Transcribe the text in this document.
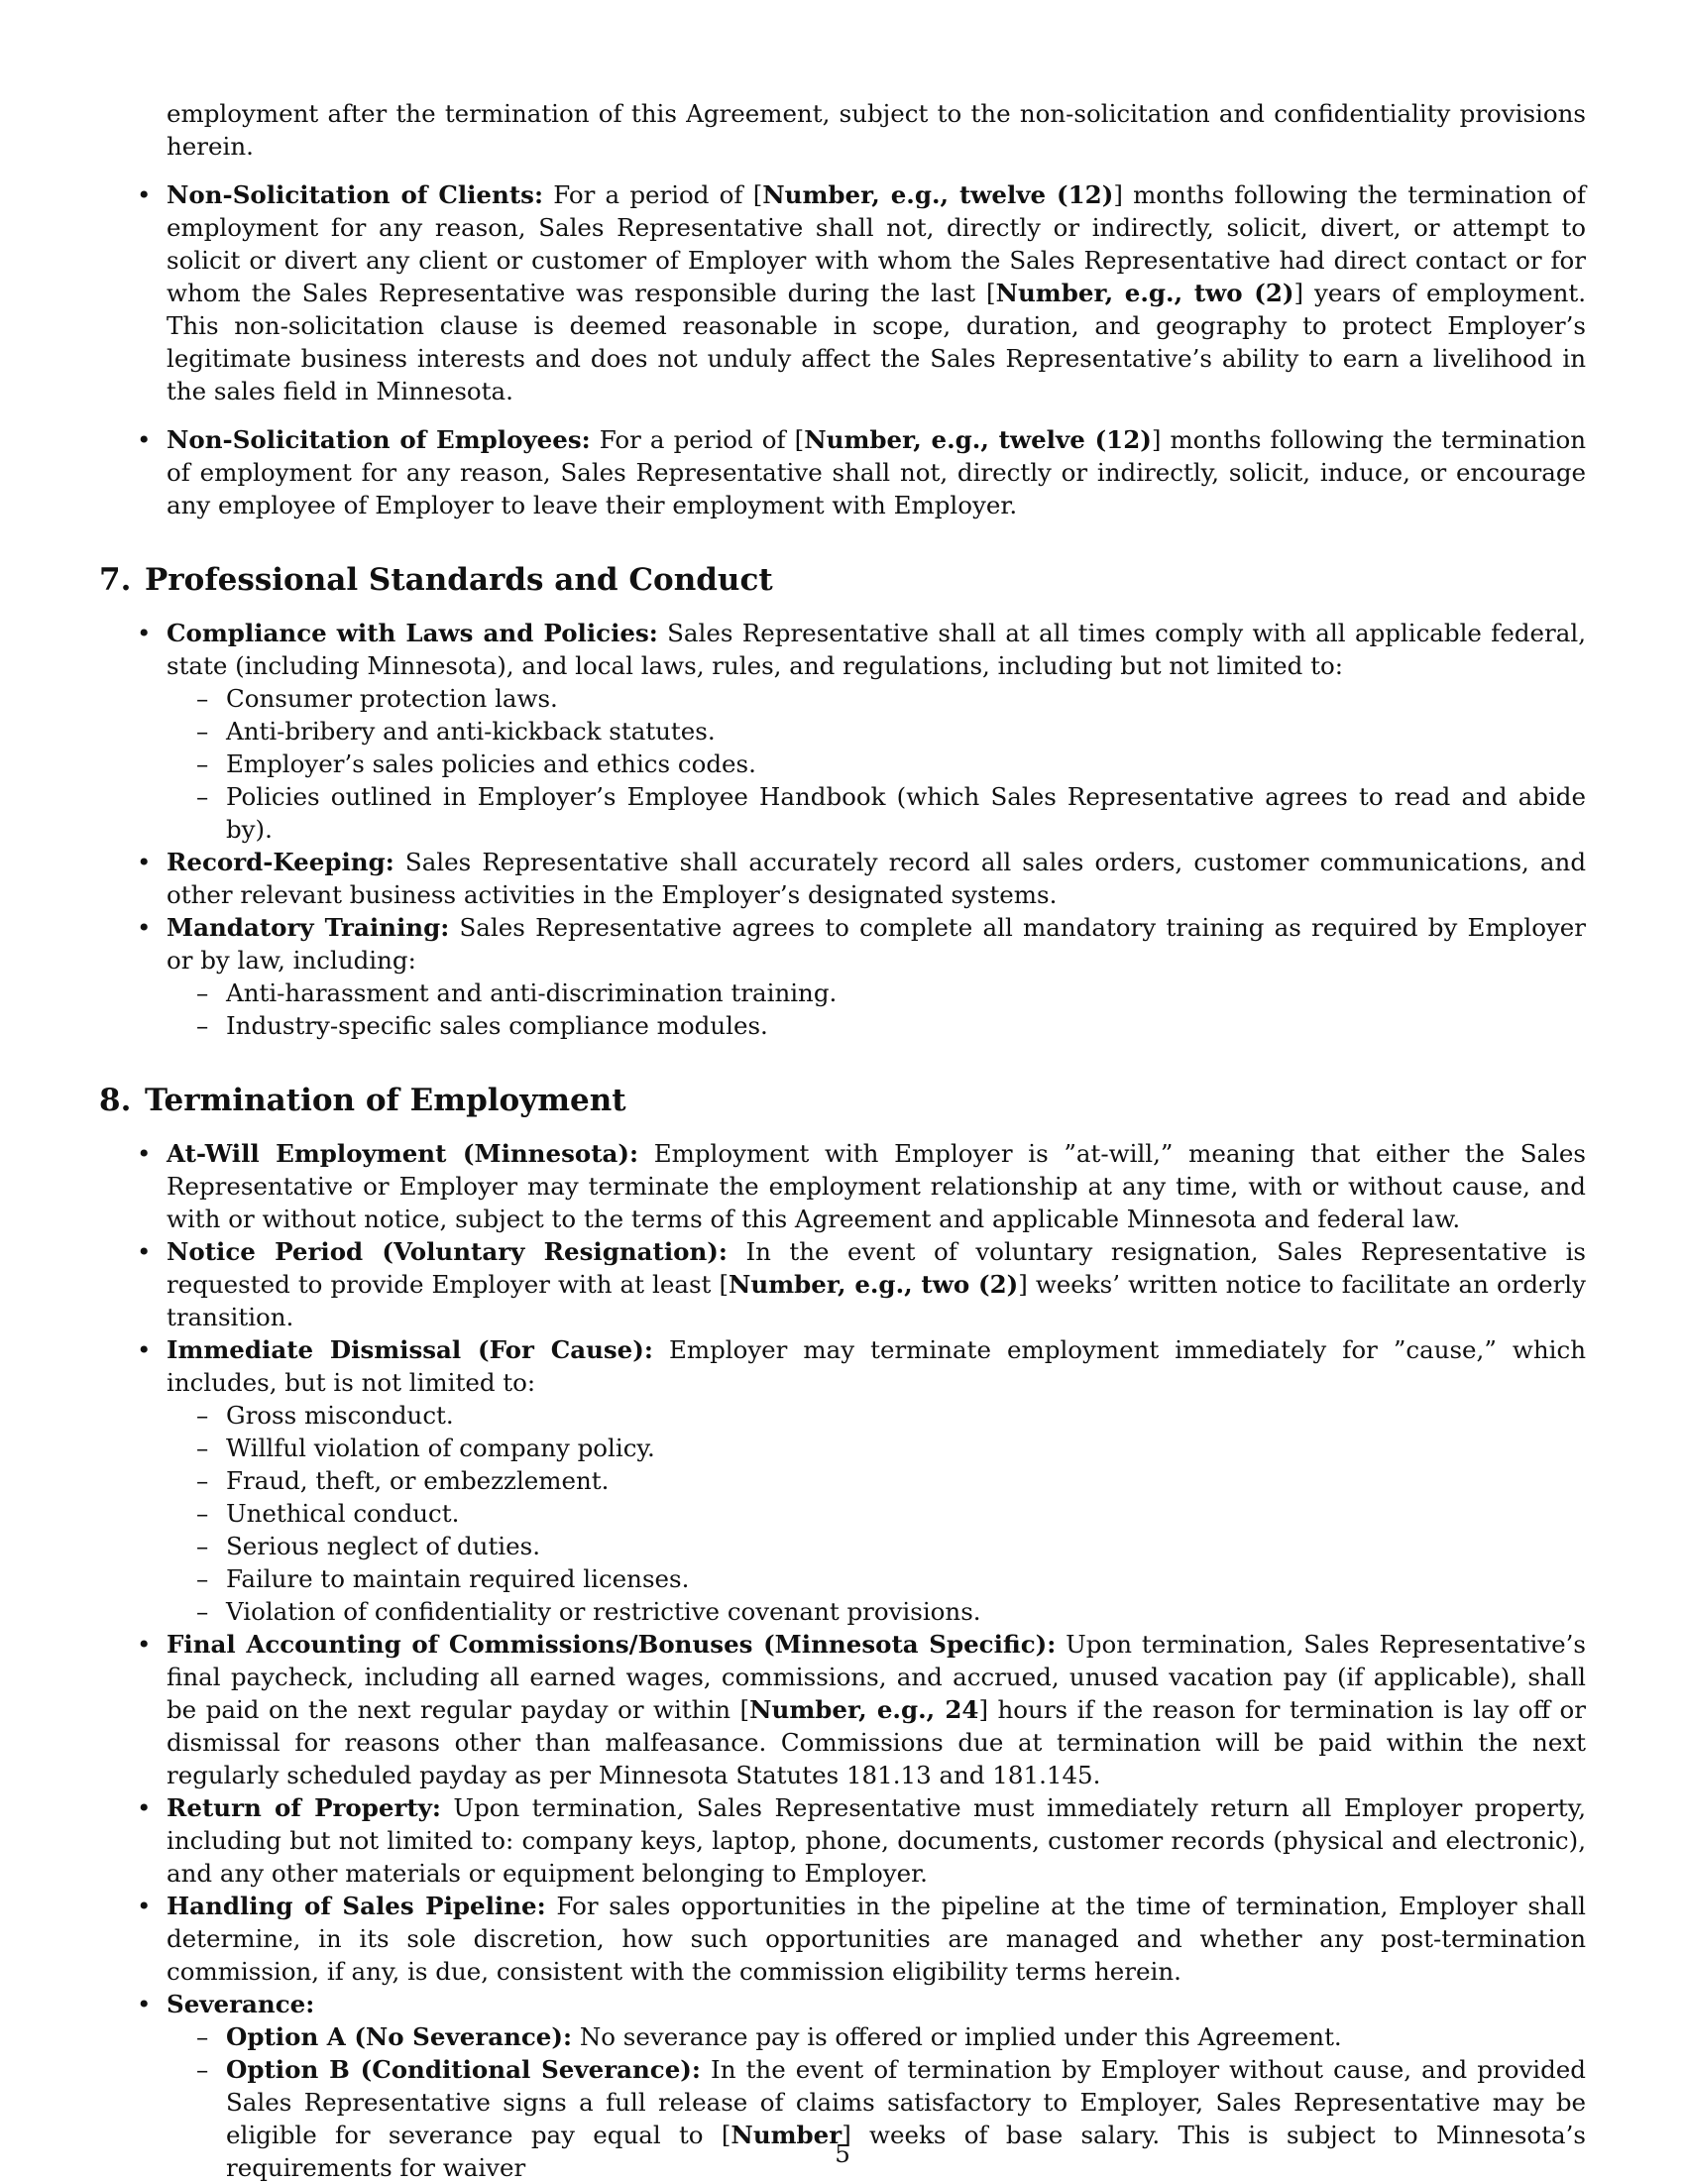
employment after the termination of this Agreement, subject to the non-solicitation and confidentiality provisions herein.

• Non-Solicitation of Clients: For a period of [Number, e.g., twelve (12)] months following the termination of employment for any reason, Sales Representative shall not, directly or indirectly, solicit, divert, or attempt to solicit or divert any client or customer of Employer with whom the Sales Representative had direct contact or for whom the Sales Representative was responsible during the last [Number, e.g., two (2)] years of employment. This non-solicitation clause is deemed reasonable in scope, duration, and geography to protect Employer’s legitimate business interests and does not unduly affect the Sales Representative’s ability to earn a livelihood in the sales field in Minnesota.
• Non-Solicitation of Employees: For a period of [Number, e.g., twelve (12)] months following the termination of employment for any reason, Sales Representative shall not, directly or indirectly, solicit, induce, or encourage any employee of Employer to leave their employment with Employer.
7. Professional Standards and Conduct
• Compliance with Laws and Policies: Sales Representative shall at all times comply with all applicable federal, state (including Minnesota), and local laws, rules, and regulations, including but not limited to:
– Consumer protection laws.
– Anti-bribery and anti-kickback statutes.
– Employer’s sales policies and ethics codes.
– Policies outlined in Employer’s Employee Handbook (which Sales Representative agrees to read and abide by).
• Record-Keeping: Sales Representative shall accurately record all sales orders, customer communications, and other relevant business activities in the Employer’s designated systems.
• Mandatory Training: Sales Representative agrees to complete all mandatory training as required by Employer or by law, including:
– Anti-harassment and anti-discrimination training.
– Industry-specific sales compliance modules.
8. Termination of Employment
• At-Will Employment (Minnesota): Employment with Employer is ”at-will,” meaning that either the Sales Representative or Employer may terminate the employment relationship at any time, with or without cause, and with or without notice, subject to the terms of this Agreement and applicable Minnesota and federal law.
• Notice Period (Voluntary Resignation): In the event of voluntary resignation, Sales Representative is requested to provide Employer with at least [Number, e.g., two (2)] weeks’ written notice to facilitate an orderly transition.
• Immediate Dismissal (For Cause): Employer may terminate employment immediately for ”cause,” which includes, but is not limited to:
– Gross misconduct.
– Willful violation of company policy.
– Fraud, theft, or embezzlement.
– Unethical conduct.
– Serious neglect of duties.
– Failure to maintain required licenses.
– Violation of confidentiality or restrictive covenant provisions.
• Final Accounting of Commissions/Bonuses (Minnesota Specific): Upon termination, Sales Representative’s final paycheck, including all earned wages, commissions, and accrued, unused vacation pay (if applicable), shall be paid on the next regular payday or within [Number, e.g., 24] hours if the reason for termination is lay off or dismissal for reasons other than malfeasance. Commissions due at termination will be paid within the next regularly scheduled payday as per Minnesota Statutes 181.13 and 181.145.
• Return of Property: Upon termination, Sales Representative must immediately return all Employer property, including but not limited to: company keys, laptop, phone, documents, customer records (physical and electronic), and any other materials or equipment belonging to Employer.
• Handling of Sales Pipeline: For sales opportunities in the pipeline at the time of termination, Employer shall determine, in its sole discretion, how such opportunities are managed and whether any post-termination commission, if any, is due, consistent with the commission eligibility terms herein.
• Severance:
– Option A (No Severance): No severance pay is offered or implied under this Agreement.
– Option B (Conditional Severance): In the event of termination by Employer without cause, and provided Sales Representative signs a full release of claims satisfactory to Employer, Sales Representative may be eligible for severance pay equal to [Number] weeks of base salary. This is subject to Minnesota’s requirements for waiver	5
